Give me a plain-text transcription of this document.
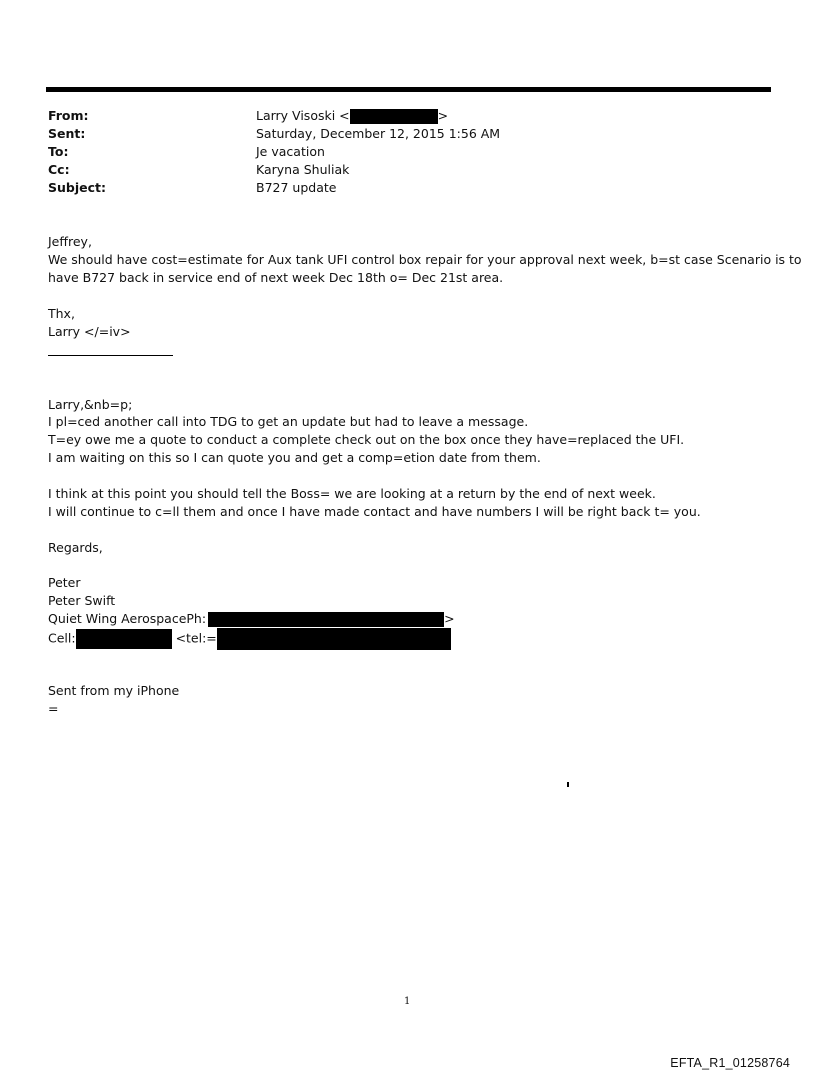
From:	Larry Visoski <	>
Sent:	Saturday, December 12, 2015 1:56 AM
To:	Je vacation
Cc:	Karyna Shuliak
Subject:	B727 update
Jeffrey,
We should have cost=estimate for Aux tank UFI control box repair for your approval next week, b=st case Scenario is to
have B727 back in service end of next week Dec 18th o= Dec 21st area.
Thx,
Larry </=iv>
Larry,&nb=p;
I pl=ced another call into TDG to get an update but had to leave a message.
T=ey owe me a quote to conduct a complete check out on the box once they have=replaced the UFI.
I am waiting on this so I can quote you and get a comp=etion date from them.
I think at this point you should tell the Boss= we are looking at a return by the end of next week.
I will continue to c=ll them and once I have made contact and have numbers I will be right back t= you.
Regards,
Peter
Peter Swift
Quiet Wing AerospacePh:	>
Cell:	<tel:=
Sent from my iPhone
=
1
EFTA_R1_01258764
